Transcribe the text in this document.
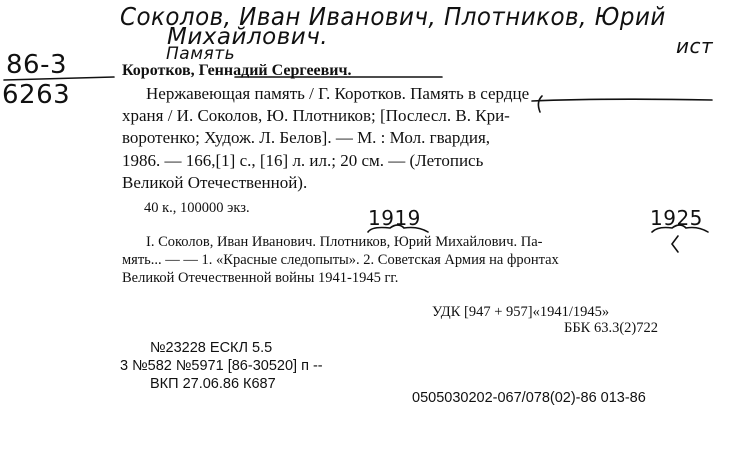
Соколов, Иван Иванович, Плотников, Юрий
Михайлович.
Память	ист
86-3
6263
1919	1925
Коротков, Геннадий Сергеевич.
Нержавеющая память / Г. Коротков. Память в сердце
храня / И. Соколов, Ю. Плотников; [Послесл. В. Кри-
воротенко; Худож. Л. Белов]. — М. : Мол. гвардия,
1986. — 166,[1] с., [16] л. ил.; 20 см. — (Летопись
Великой Отечественной).
40 к., 100000 экз.
I. Соколов, Иван Иванович. Плотников, Юрий Михайлович. Па-
мять... — — 1. «Красные следопыты». 2. Советская Армия на фронтах
Великой Отечественной войны 1941-1945 гг.
УДК [947 + 957]«1941/1945»
ББК 63.3(2)722
№23228 ЕСКЛ 5.5
3 №582 №5971 [86-30520] п --
ВКП 27.06.86 К687
0505030202-067/078(02)-86 013-86
